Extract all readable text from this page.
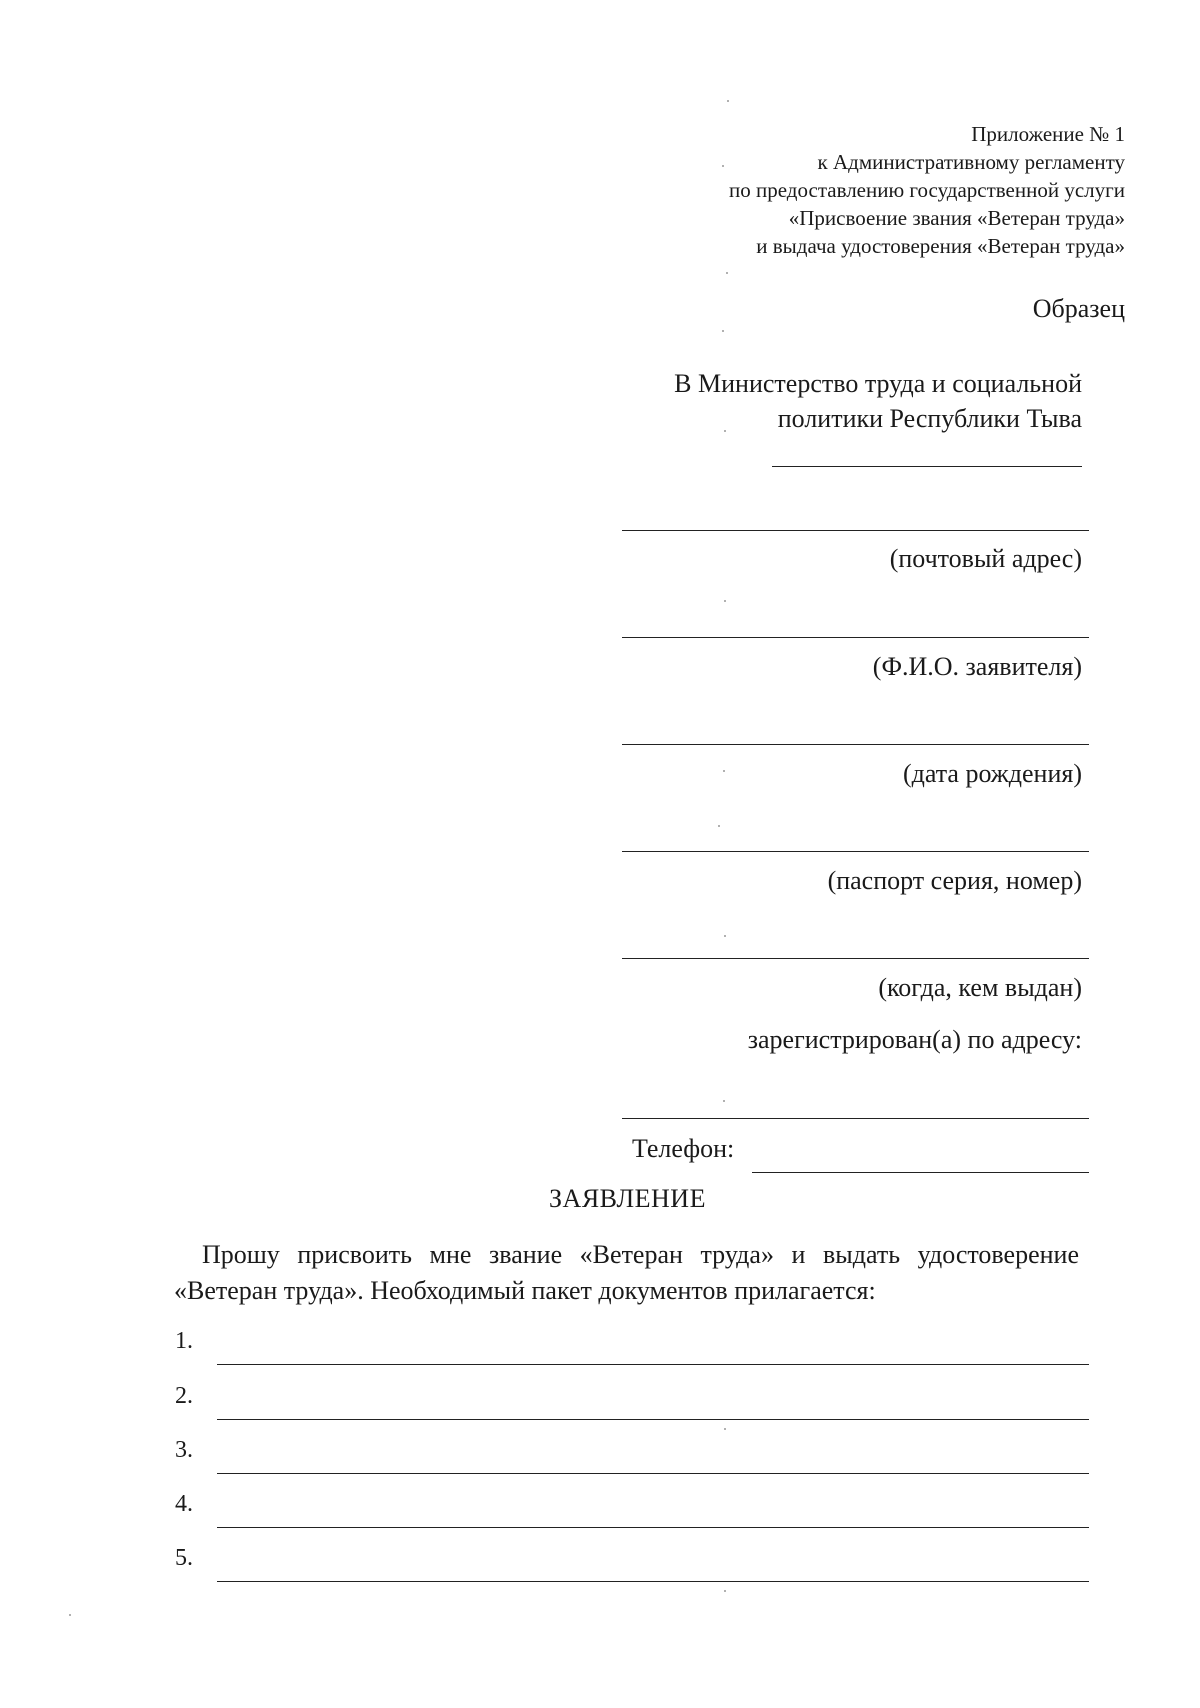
Приложение № 1
к Административному регламенту
по предоставлению государственной услуги
«Присвоение звания «Ветеран труда»
и выдача удостоверения «Ветеран труда»
Образец
В Министерство труда и социальной
политики Республики Тыва
(почтовый адрес)
(Ф.И.О. заявителя)
(дата рождения)
(паспорт серия, номер)
(когда, кем выдан)
зарегистрирован(а) по адресу:
Телефон:
ЗАЯВЛЕНИЕ
Прошу присвоить мне звание «Ветеран труда» и выдать удостоверение «Ветеран труда». Необходимый пакет документов прилагается:
1.
2.
3.
4.
5.
